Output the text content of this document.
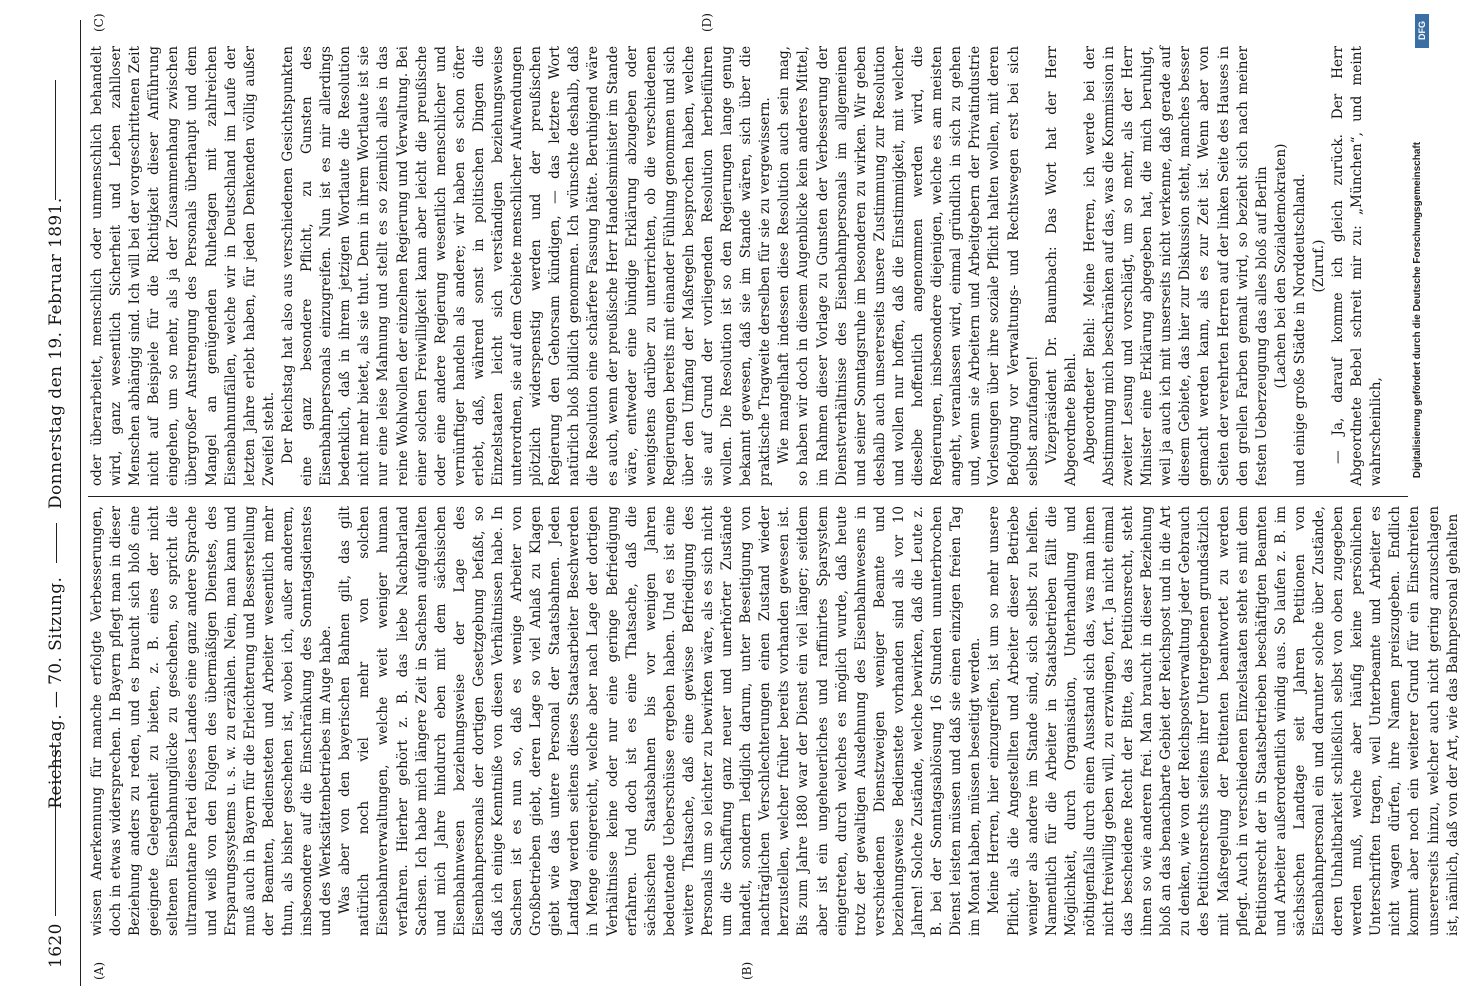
1620
Reichstag. — 70. Sitzung.  Donnerstag den 19. Februar 1891.
(A)	(B)
(C)	(D)

wissen Anerkennung für manche erfolgte Verbesserungen, doch in etwas widersprechen. In Bayern pflegt man in dieser Beziehung anders zu reden, und es braucht sich bloß eine geeignete Gelegenheit zu bieten, z. B. eines der nicht seltenen Eisenbahnunglücke zu geschehen, so spricht die ultramontane Partei dieses Landes eine ganz andere Sprache und weiß von den Folgen des übermäßigen Dienstes, des Ersparungssystems u. s. w. zu erzählen. Nein, man kann und muß auch in Bayern für die Erleichterung und Besserstellung der Beamten, Bediensteten und Arbeiter wesentlich mehr thun, als bisher geschehen ist, wobei ich, außer anderem, insbesondere auf die Einschränkung des Sonntagsdienstes und des Werkstättenbetriebes im Auge habe. Was aber von den bayerischen Bahnen gilt, das gilt natürlich noch viel mehr von solchen Eisenbahnverwaltungen, welche weit weniger human verfahren. Hierher gehört z. B. das liebe Nachbarland Sachsen. Ich habe mich längere Zeit in Sachsen aufgehalten und mich Jahre hindurch eben mit dem sächsischen Eisenbahnwesen beziehungsweise der Lage des Eisenbahnpersonals der dortigen Gesetzgebung befaßt, so daß ich einige Kenntniße von diesen Verhältnissen habe. In Sachsen ist es nun so, daß es wenige Arbeiter von Großbetrieben giebt, deren Lage so viel Anlaß zu Klagen giebt wie das untere Personal der Staatsbahnen. Jeden Landtag werden seitens dieses Staatsarbeiter Beschwerden in Menge eingereicht, welche aber nach Lage der dortigen Verhältnisse keine oder nur eine geringe Befriedigung erfahren. Und doch ist es eine Thatsache, daß die sächsischen Staatsbahnen bis vor wenigen Jahren bedeutende Ueberschüsse ergeben haben. Und es ist eine weitere Thatsache, daß eine gewisse Befriedigung des Personals um so leichter zu bewirken wäre, als es sich nicht um die Schaffung ganz neuer und unerhörter Zustände handelt, sondern lediglich darum, unter Beseitigung von nachträglichen Verschlechterungen einen Zustand wieder herzustellen, welcher früher bereits vorhanden gewesen ist. Bis zum Jahre 1880 war der Dienst ein viel länger; seitdem aber ist ein ungeheuerliches und raffinirtes Sparsystem eingetreten, durch welches es möglich wurde, daß heute trotz der gewaltigen Ausdehnung des Eisenbahnwesens in verschiedenen Dienstzweigen weniger Beamte und beziehungsweise Bedienstete vorhanden sind als vor 10 Jahren! Solche Zustände, welche bewirken, daß die Leute z. B. bei der Sonntagsablösung 16 Stunden ununterbrochen Dienst leisten müssen und daß sie einen einzigen freien Tag im Monat haben, müssen beseitigt werden. Meine Herren, hier einzugreifen, ist um so mehr unsere Pflicht, als die Angestellten und Arbeiter dieser Betriebe weniger als andere im Stande sind, sich selbst zu helfen. Namentlich für die Arbeiter in Staatsbetrieben fällt die Möglichkeit, durch Organisation, Unterhandlung und nöthigenfalls durch einen Ausstand sich das, was man ihnen nicht freiwillig geben will, zu erzwingen, fort. Ja nicht einmal das bescheidene Recht der Bitte, das Petitionsrecht, steht ihnen so wie anderen frei. Man braucht in dieser Beziehung bloß an das benachbarte Gebiet der Reichspost und in die Art zu denken, wie von der Reichspostverwaltung jeder Gebrauch des Petitionsrechts seitens ihrer Untergebenen grundsätzlich mit Maßregelung der Petitenten beantwortet zu werden pflegt. Auch in verschiedenen Einzelstaaten steht es mit dem Petitionsrecht der in Staatsbetrieben beschäftigten Beamten und Arbeiter außerordentlich windig aus. So laufen z. B. im sächsischen Landtage seit Jahren Petitionen von Eisenbahnpersonal ein und darunter solche über Zustände, deren Unhaltbarkeit schließlich selbst von oben zugegeben werden muß, welche aber häufig keine persönlichen Unterschriften tragen, weil Unterbeamte und Arbeiter es nicht wagen dürfen, ihre Namen preiszugeben. Endlich kommt aber noch ein weiterer Grund für ein Einschreiten unsererseits hinzu, welcher auch nicht gering anzuschlagen ist, nämlich, daß von der Art, wie das Bahnpersonal gehalten

oder überarbeitet, menschlich oder unmenschlich behandelt wird, ganz wesentlich Sicherheit und Leben zahlloser Menschen abhängig sind. Ich will bei der vorgeschrittenen Zeit nicht auf Beispiele für die Richtigkeit dieser Anführung eingehen, um so mehr, als ja der Zusammenhang zwischen übergroßer Anstrengung des Personals überhaupt und dem Mangel an genügenden Ruhetagen mit zahlreichen Eisenbahnunfällen, welche wir in Deutschland im Laufe der letzten Jahre erlebt haben, für jeden Denkenden völlig außer Zweifel steht. Der Reichstag hat also aus verschiedenen Gesichtspunkten eine ganz besondere Pflicht, zu Gunsten des Eisenbahnpersonals einzugreifen. Nun ist es mir allerdings bedenklich, daß in ihrem jetzigen Wortlaute die Resolution nicht mehr bietet, als sie thut. Denn in ihrem Wortlaute ist sie nur eine leise Mahnung und stellt es so ziemlich alles in das reine Wohlwollen der einzelnen Regierung und Verwaltung. Bei einer solchen Freiwilligkeit kann aber leicht die preußische oder eine andere Regierung wesentlich menschlicher und vernünftiger handeln als andere; wir haben es schon öfter erlebt, daß, während sonst in politischen Dingen die Einzelstaaten leicht sich verständigen beziehungsweise unterordnen, sie auf dem Gebiete menschlicher Aufwendungen plötzlich widerspenstig werden und der preußischen Regierung den Gehorsam kündigen, — das letztere Wort natürlich bloß bildlich genommen. Ich wünschte deshalb, daß die Resolution eine schärfere Fassung hätte. Beruhigend wäre es auch, wenn der preußische Herr Handelsminister im Stande wäre, entweder eine bündige Erklärung abzugeben oder wenigstens darüber zu unterrichten, ob die verschiedenen Regierungen bereits mit einander Fühlung genommen und sich über den Umfang der Maßregeln besprochen haben, welche sie auf Grund der vorliegenden Resolution herbeiführen wollen. Die Resolution ist so den Regierungen lange genug bekannt gewesen, daß sie im Stande wären, sich über die praktische Tragweite derselben für sie zu vergewissern. Wie mangelhaft indessen diese Resolution auch sein mag, so haben wir doch in diesem Augenblicke kein anderes Mittel, im Rahmen dieser Vorlage zu Gunsten der Verbesserung der Dienstverhältnisse des Eisenbahnpersonals im allgemeinen und seiner Sonntagsruhe im besonderen zu wirken. Wir geben deshalb auch unsererseits unsere Zustimmung zur Resolution und wollen nur hoffen, daß die Einstimmigkeit, mit welcher dieselbe hoffentlich angenommen werden wird, die Regierungen, insbesondere diejenigen, welche es am meisten angeht, veranlassen wird, einmal gründlich in sich zu gehen und, wenn sie Arbeitern und Arbeitgebern der Privatindustrie Vorlesungen über ihre soziale Pflicht halten wollen, mit deren Befolgung vor Verwaltungs- und Rechtswegen erst bei sich selbst anzufangen! Vizepräsident Dr. Baumbach: Das Wort hat der Herr Abgeordnete Biehl. Abgeordneter Biehl: Meine Herren, ich werde bei der Abstimmung mich beschränken auf das, was die Kommission in zweiter Lesung und vorschlägt, um so mehr, als der Herr Minister eine Erklärung abgegeben hat, die mich beruhigt, weil ja auch ich mit unserseits nicht verkenne, daß gerade auf diesem Gebiete, das hier zur Diskussion steht, manches besser gemacht werden kann, als es zur Zeit ist. Wenn aber von Seiten der verehrten Herren auf der linken Seite des Hauses in den grellen Farben gemalt wird, so bezieht sich nach meiner festen Ueberzeugung das alles bloß auf Berlin (Lachen bei den Sozialdemokraten) und einige große Städte in Norddeutschland. (Zuruf.) — Ja, darauf komme ich gleich zurück. Der Herr Abgeordnete Bebel schreit mir zu: „München“, und meint wahrscheinlich,	Digitalisierung gefördert durch die Deutsche Forschungsgemeinschaft
DFG
